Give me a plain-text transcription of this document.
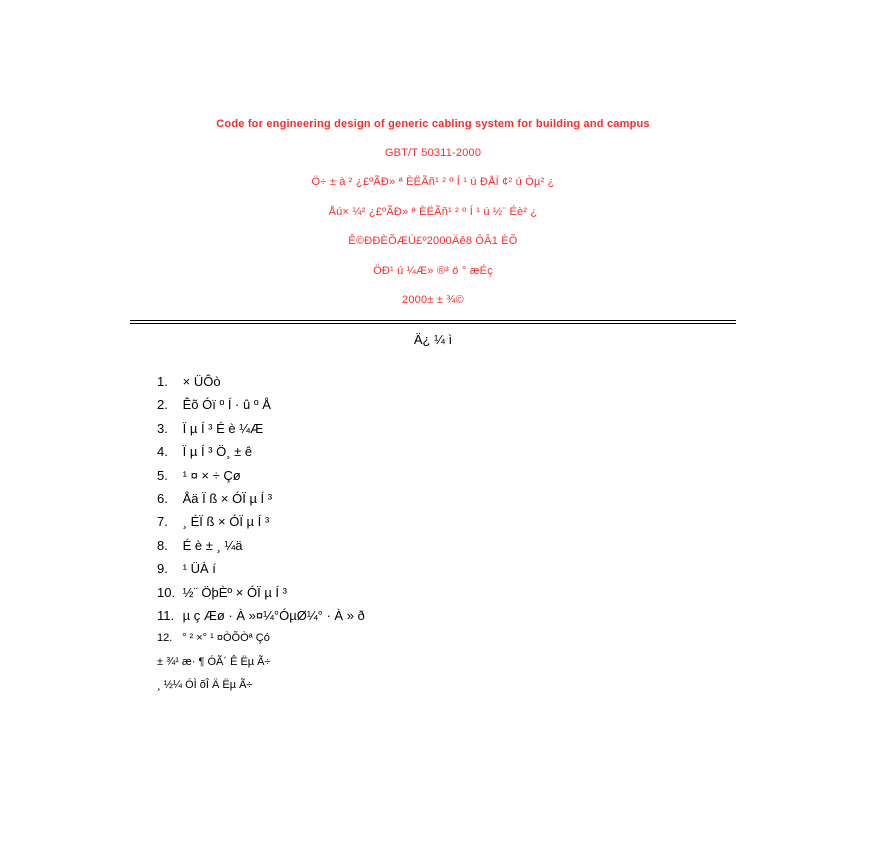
Code for engineering design of generic cabling system for building and campus
GBT/T 50311-2000
Ö÷ ± à ² ¿£ºÃÐ» ª ÈËÃñ¹ ² º Í ¹ ú ÐÅÏ ¢² ú Òµ² ¿
Åú× ¼² ¿£ºÃÐ» ª ÈËÃñ¹ ² º Í ¹ ú ½¨ Éè² ¿
Ê©ÐÐÈÕÆÚ£º2000Äê8 ÔÂ1 ÈÕ
ÖÐ¹ ú ¼Æ» ®³ ö ° æÉç
2000± ± ¾©
Ä¿ ¼ ì
1. × ÜÔò
2. Êõ Óï º Í · û º Å
3. Ï µ Í ³ É è ¼Æ
4. Ï µ Í ³ Ö¸ ± ê
5. ¹ ¤ × ÷ Çø
6. Åä Ï ß × ÓÏ µ Í ³
7. ¸ ÉÏ ß × ÓÏ µ Í ³
8. É è ± ¸ ¼ä
9. ¹ ÜÀ í
10. ½¨ ÖþÈº × ÓÏ µ Í ³
11. µ ç Æø · À »¤¼°ÓµØ¼° · À » ð
12. ° ² ×° ¹ ¤ÒÕÒª Çó
± ¾¹ æ· ¶ ÓÃ´ Ê Ëµ Ã÷
¸ ½¼ ÓÌ õÎ Ä Ëµ Ã÷
